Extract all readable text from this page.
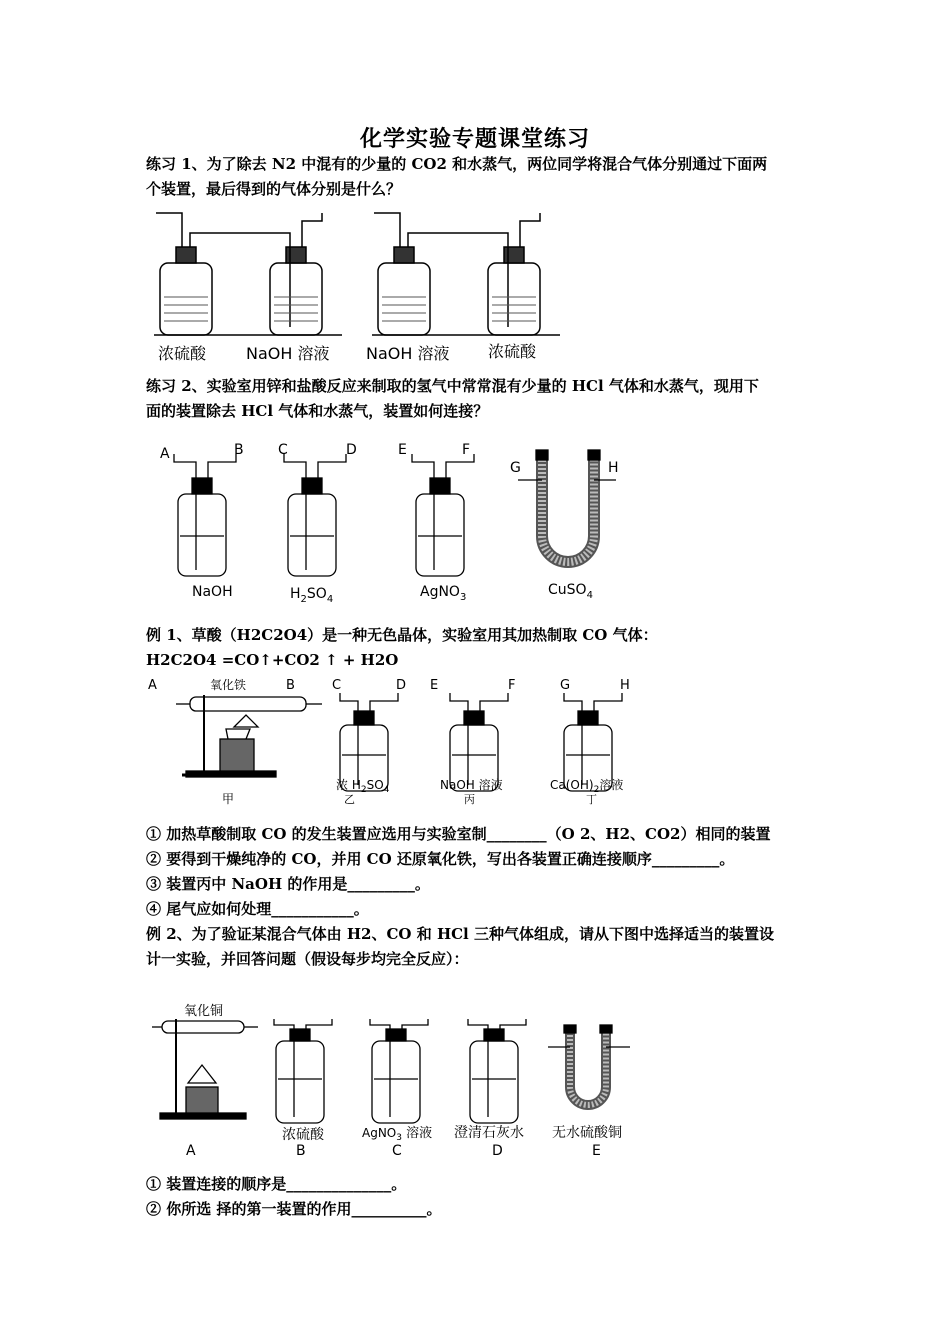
化学实验专题课堂练习
练习 1、为了除去 N2 中混有的少量的 CO2 和水蒸气，两位同学将混合气体分别通过下面两
个装置，最后得到的气体分别是什么？
浓硫酸 NaOH 溶液 NaOH 溶液 浓硫酸
练习 2、实验室用锌和盐酸反应来制取的氢气中常常混有少量的 HCl 气体和水蒸气，现用下
面的装置除去 HCl 气体和水蒸气，装置如何连接？
A	B C	D	E	F
G	H
NaOH	$H_2SO_4$	AgNO$_3$	CuSO$_4$
例 1、草酸（H2C2O4）是一种无色晶体，实验室用其加热制取 CO 气体：
H2C2O4 =CO↑+CO2 ↑ + H2O
A	氧化铁	B
甲
C	D E	F	G	H
浓 $H_2SO_4$
乙
NaOH 溶液
丙
$Ca(OH)_2$溶液
丁
① 加热草酸制取 CO 的发生装置应选用与实验室制________（O 2、H2、CO2）相同的装置
② 要得到干燥纯净的 CO，并用 CO 还原氧化铁，写出各装置正确连接顺序_________。
③ 装置丙中 NaOH 的作用是_________。
④ 尾气应如何处理___________。
例 2、为了验证某混合气体由 H2、CO 和 HCl 三种气体组成，请从下图中选择适当的装置设
计一实验，并回答问题（假设每步均完全反应）：
氧化铜
浓硫酸	AgNO$_3$ 溶液 澄清石灰水 无水硫酸铜
A	B	C	D	E
① 装置连接的顺序是______________。
② 你所选 择的第一装置的作用__________。
